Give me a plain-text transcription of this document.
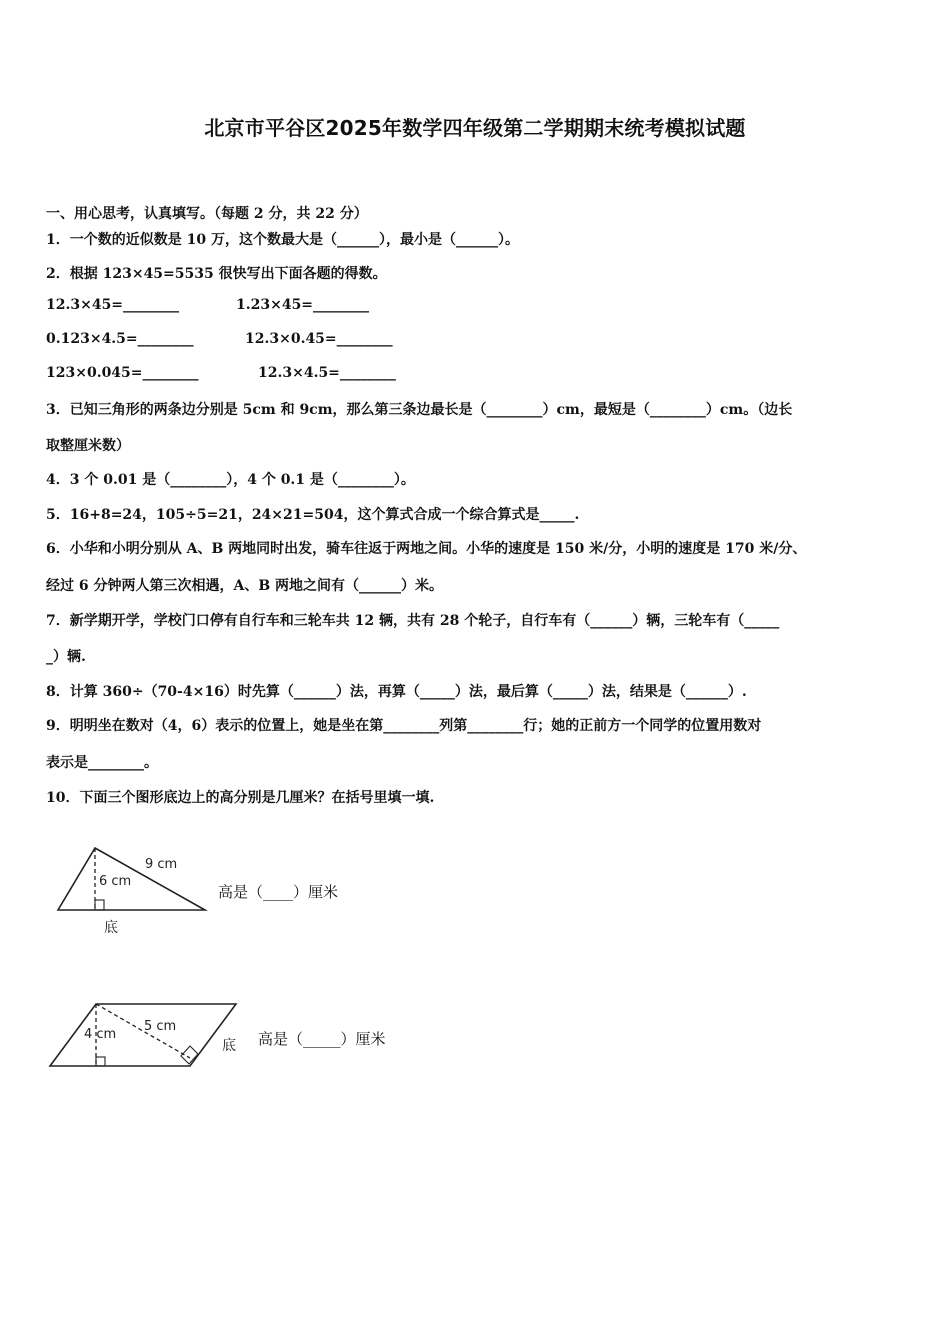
北京市平谷区2025年数学四年级第二学期期末统考模拟试题
一、用心思考，认真填写。（每题 2 分，共 22 分）
1．一个数的近似数是 10 万，这个数最大是（______），最小是（______）。
2．根据 123×45=5535 很快写出下面各题的得数。
12.3×45=________	1.23×45=________
0.123×4.5=________	12.3×0.45=________
123×0.045=________	12.3×4.5=________
3．已知三角形的两条边分别是 5cm 和 9cm，那么第三条边最长是（________）cm，最短是（________）cm。（边长
取整厘米数）
4．3 个 0.01 是（________），4 个 0.1 是（________）。
5．16+8=24，105÷5=21，24×21=504，这个算式合成一个综合算式是_____.
6．小华和小明分别从 A、B 两地同时出发，骑车往返于两地之间。小华的速度是 150 米/分，小明的速度是 170 米/分、
经过 6 分钟两人第三次相遇，A、B 两地之间有（______）米。
7．新学期开学，学校门口停有自行车和三轮车共 12 辆，共有 28 个轮子，自行车有（______）辆，三轮车有（_____
_）辆.
8．计算 360÷（70-4×16）时先算（______）法，再算（_____）法，最后算（_____）法，结果是（______）.
9．明明坐在数对（4，6）表示的位置上，她是坐在第________列第________行；她的正前方一个同学的位置用数对
表示是________。
10．下面三个图形底边上的高分别是几厘米？在括号里填一填.
9 cm
6 cm
底
高是（____）厘米
5 cm
4 cm
底 高是（_____）厘米
